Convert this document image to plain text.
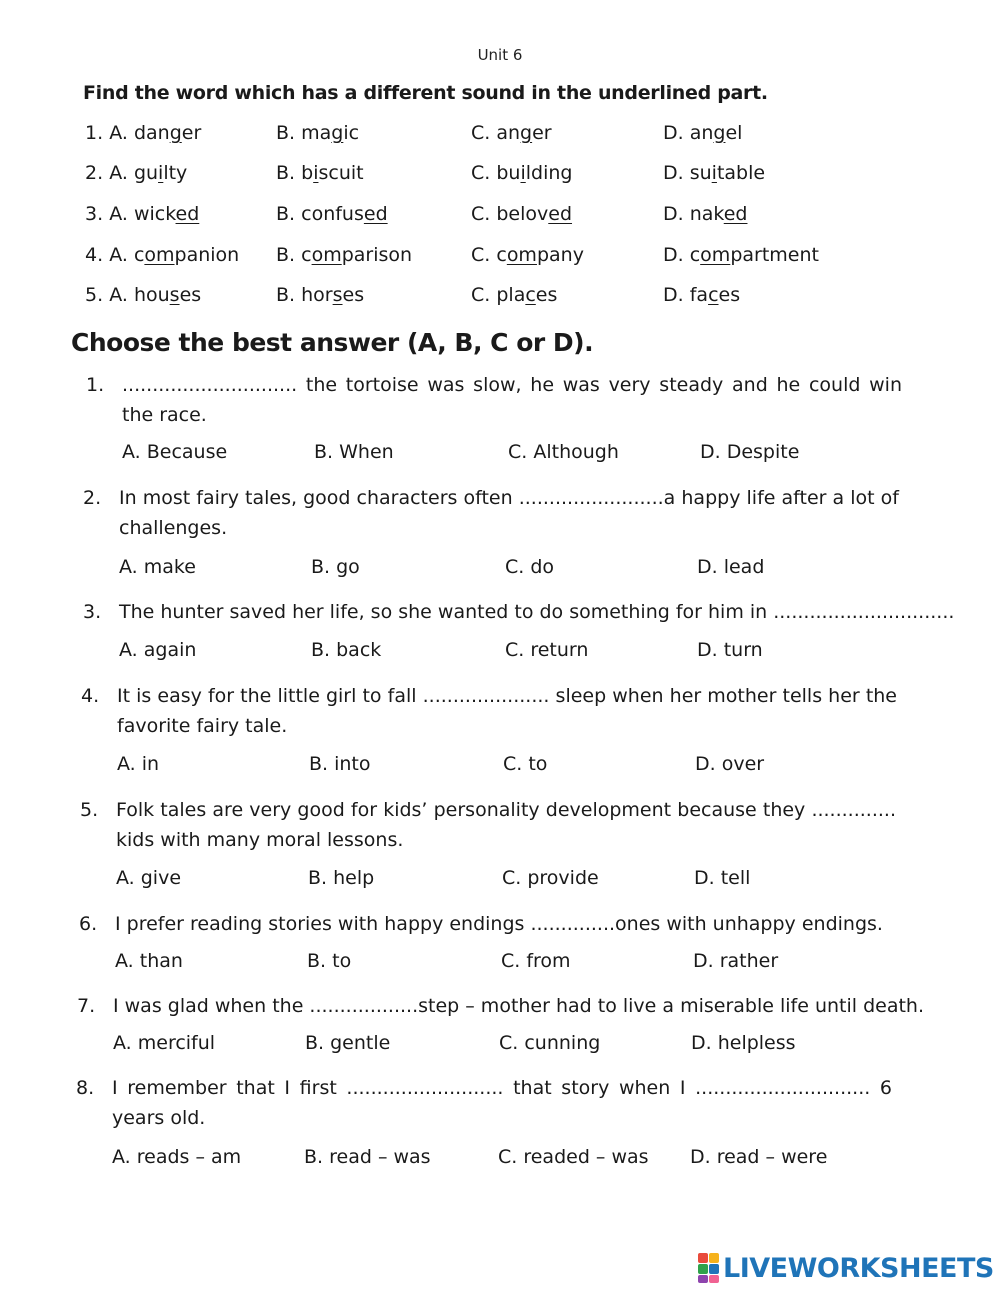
Unit 6
Find the word which has a different sound in the underlined part.
1. A. danger	B. magic	C. anger	D. angel
2. A. guilty	B. biscuit	C. building	D. suitable
3. A. wicked	B. confused	C. beloved	D. naked
4. A. companion B. comparison	C. company	D. compartment
5. A. houses	B. horses	C. places	D. faces
Choose the best answer (A, B, C or D).
1. ............................. the tortoise was slow, he was very steady and he could win the race.
A. Because	B. When	C. Although	D. Despite
2. In most fairy tales, good characters often ........................a happy life after a lot of challenges.
A. make	B. go	C. do	D. lead
3. The hunter saved her life, so she wanted to do something for him in ..............................
A. again	B. back	C. return	D. turn
4. It is easy for the little girl to fall ..................... sleep when her mother tells her the favorite fairy tale.
A. in	B. into	C. to	D. over
5. Folk tales are very good for kids’ personality development because they .............. kids with many moral lessons.
A. give	B. help	C. provide	D. tell
6. I prefer reading stories with happy endings ..............ones with unhappy endings.
A. than	B. to	C. from	D. rather
7. I was glad when the ..................step – mother had to live a miserable life until death.
A. merciful	B. gentle	C. cunning	D. helpless
8. I remember that I first .......................... that story when I ............................. 6 years old.
A. reads – am	B. read – was	C. readed – was D. read – were
LIVEWORKSHEETS
